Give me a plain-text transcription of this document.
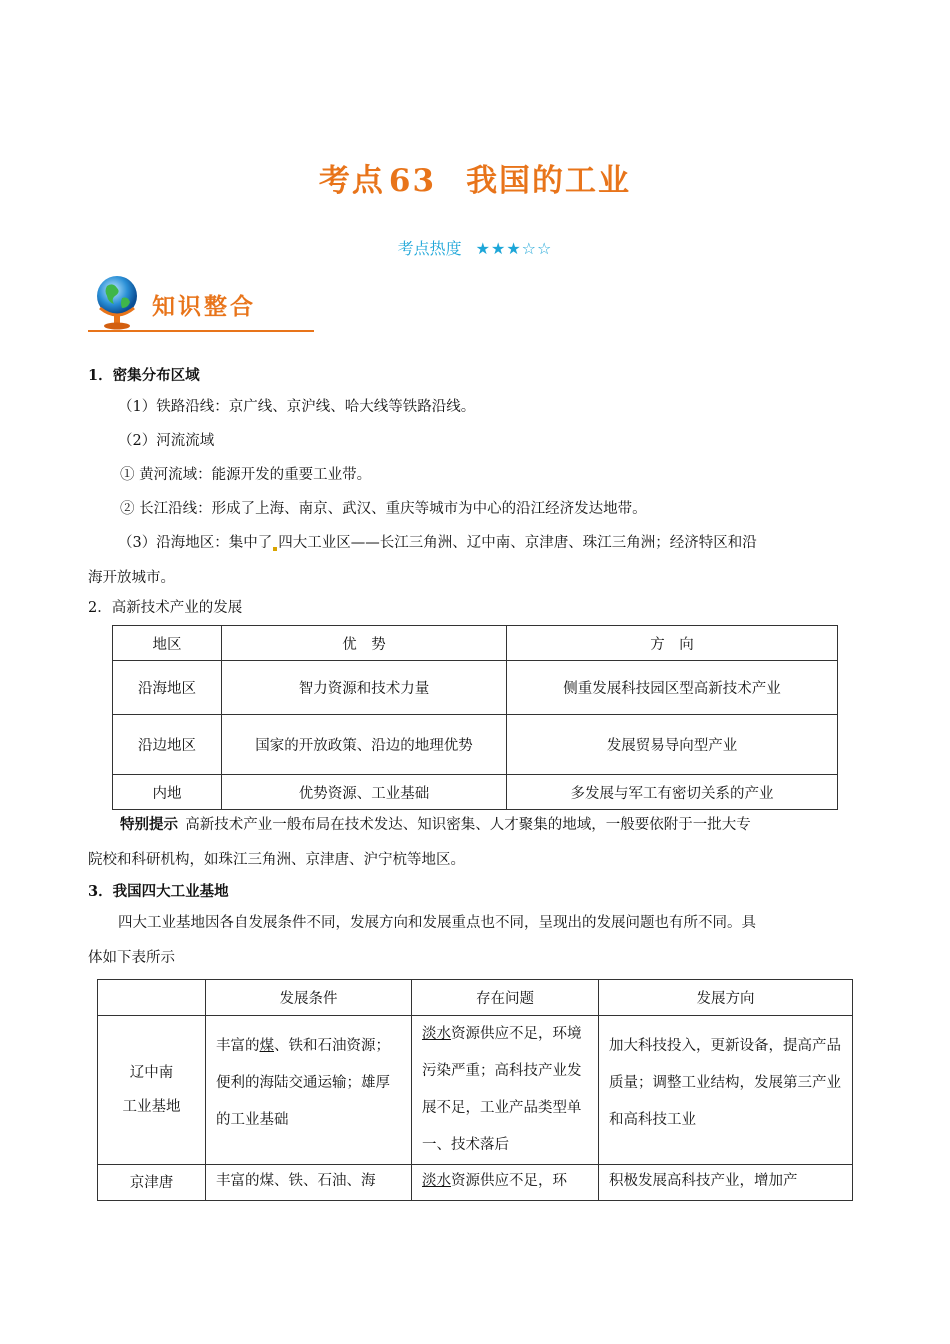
考点 63 我国的工业
考点热度 ★★★☆☆
知识整合
1．密集分布区域
（1）铁路沿线：京广线、京沪线、哈大线等铁路沿线。
（2）河流流域
① 黄河流域：能源开发的重要工业带。
② 长江沿线：形成了上海、南京、武汉、重庆等城市为中心的沿江经济发达地带。
（3）沿海地区：集中了 四大工业区——长江三角洲、辽中南、京津唐、珠江三角洲；经济特区和沿
海开放城市。
2．高新技术产业的发展
地区	优　势	方　向
沿海地区	智力资源和技术力量	侧重发展科技园区型高新技术产业
沿边地区	国家的开放政策、沿边的地理优势	发展贸易导向型产业
内地	优势资源、工业基础	多发展与军工有密切关系的产业
特别提示  高新技术产业一般布局在技术发达、知识密集、人才聚集的地域，一般要依附于一批大专
院校和科研机构，如珠江三角洲、京津唐、沪宁杭等地区。
3．我国四大工业基地
四大工业基地因各自发展条件不同，发展方向和发展重点也不同，呈现出的发展问题也有所不同。具
体如下表所示
	发展条件	存在问题	发展方向

辽中南
工业基地	丰富的煤、铁和石油资源；便利的海陆交通运输；雄厚的工业基础	淡水资源供应不足，环境污染严重；高科技产业发展不足，工业产品类型单一、技术落后	加大科技投入，更新设备，提高产品质量；调整工业结构，发展第三产业和高科技工业
京津唐	丰富的煤、铁、石油、海	淡水资源供应不足，环	积极发展高科技产业，增加产
